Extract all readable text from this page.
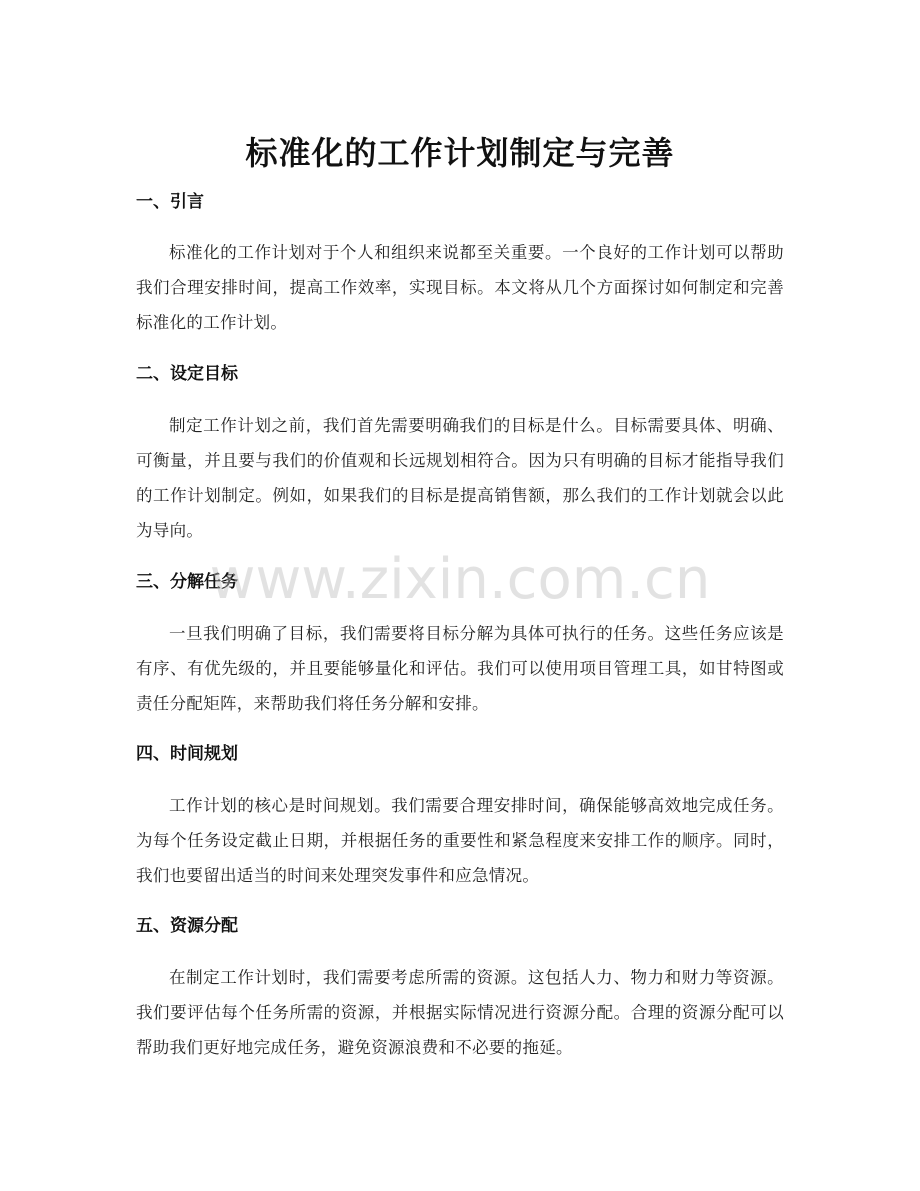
标准化的工作计划制定与完善
一、引言

标准化的工作计划对于个人和组织来说都至关重要。一个良好的工作计划可以帮助我们合理安排时间，提高工作效率，实现目标。本文将从几个方面探讨如何制定和完善标准化的工作计划。

二、设定目标

制定工作计划之前，我们首先需要明确我们的目标是什么。目标需要具体、明确、可衡量，并且要与我们的价值观和长远规划相符合。因为只有明确的目标才能指导我们的工作计划制定。例如，如果我们的目标是提高销售额，那么我们的工作计划就会以此为导向。

三、分解任务

一旦我们明确了目标，我们需要将目标分解为具体可执行的任务。这些任务应该是有序、有优先级的，并且要能够量化和评估。我们可以使用项目管理工具，如甘特图或责任分配矩阵，来帮助我们将任务分解和安排。

四、时间规划

工作计划的核心是时间规划。我们需要合理安排时间，确保能够高效地完成任务。为每个任务设定截止日期，并根据任务的重要性和紧急程度来安排工作的顺序。同时，我们也要留出适当的时间来处理突发事件和应急情况。

五、资源分配

在制定工作计划时，我们需要考虑所需的资源。这包括人力、物力和财力等资源。我们要评估每个任务所需的资源，并根据实际情况进行资源分配。合理的资源分配可以帮助我们更好地完成任务，避免资源浪费和不必要的拖延。

www.zixin.com.cn
